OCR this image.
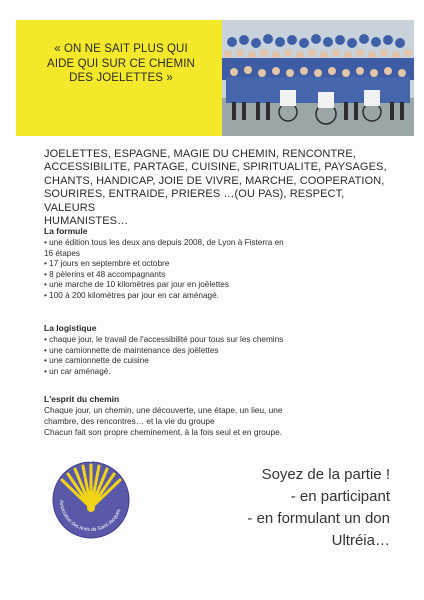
« ON NE SAIT PLUS QUI
AIDE QUI SUR CE CHEMIN
DES JOELETTES »
JOELETTES, ESPAGNE, MAGIE DU CHEMIN, RENCONTRE,
ACCESSIBILITE, PARTAGE, CUISINE, SPIRITUALITE, PAYSAGES,
CHANTS, HANDICAP, JOIE DE VIVRE, MARCHE, COOPERATION,
SOURIRES, ENTRAIDE, PRIERES …(OU PAS), RESPECT, VALEURS
HUMANISTES…
La formule
• une édition tous les deux ans depuis 2008, de Lyon à Fisterra en
16 étapes
• 17 jours en septembre et octobre
• 8 pèlerins et 48 accompagnants
• une marche de 10 kilomètres par jour en joëlettes
• 100 à 200 kilomètres par jour en car aménagé.
La logistique
• chaque jour, le travail de l'accessibilité pour tous sur les chemins
• une camionnette de maintenance des joëlettes
• une camionnette de cuisine
• un car aménagé.
L'esprit du chemin
Chaque jour, un chemin, une découverte, une étape, un lieu, une
chambre, des rencontres… et la vie du groupe
Chacun fait son propre cheminement, à la fois seul et en groupe.
Rhône-Alpes
Association des Amis de Saint-Jacques
Soyez de la partie !
- en participant
- en formulant un don
Ultréia…
